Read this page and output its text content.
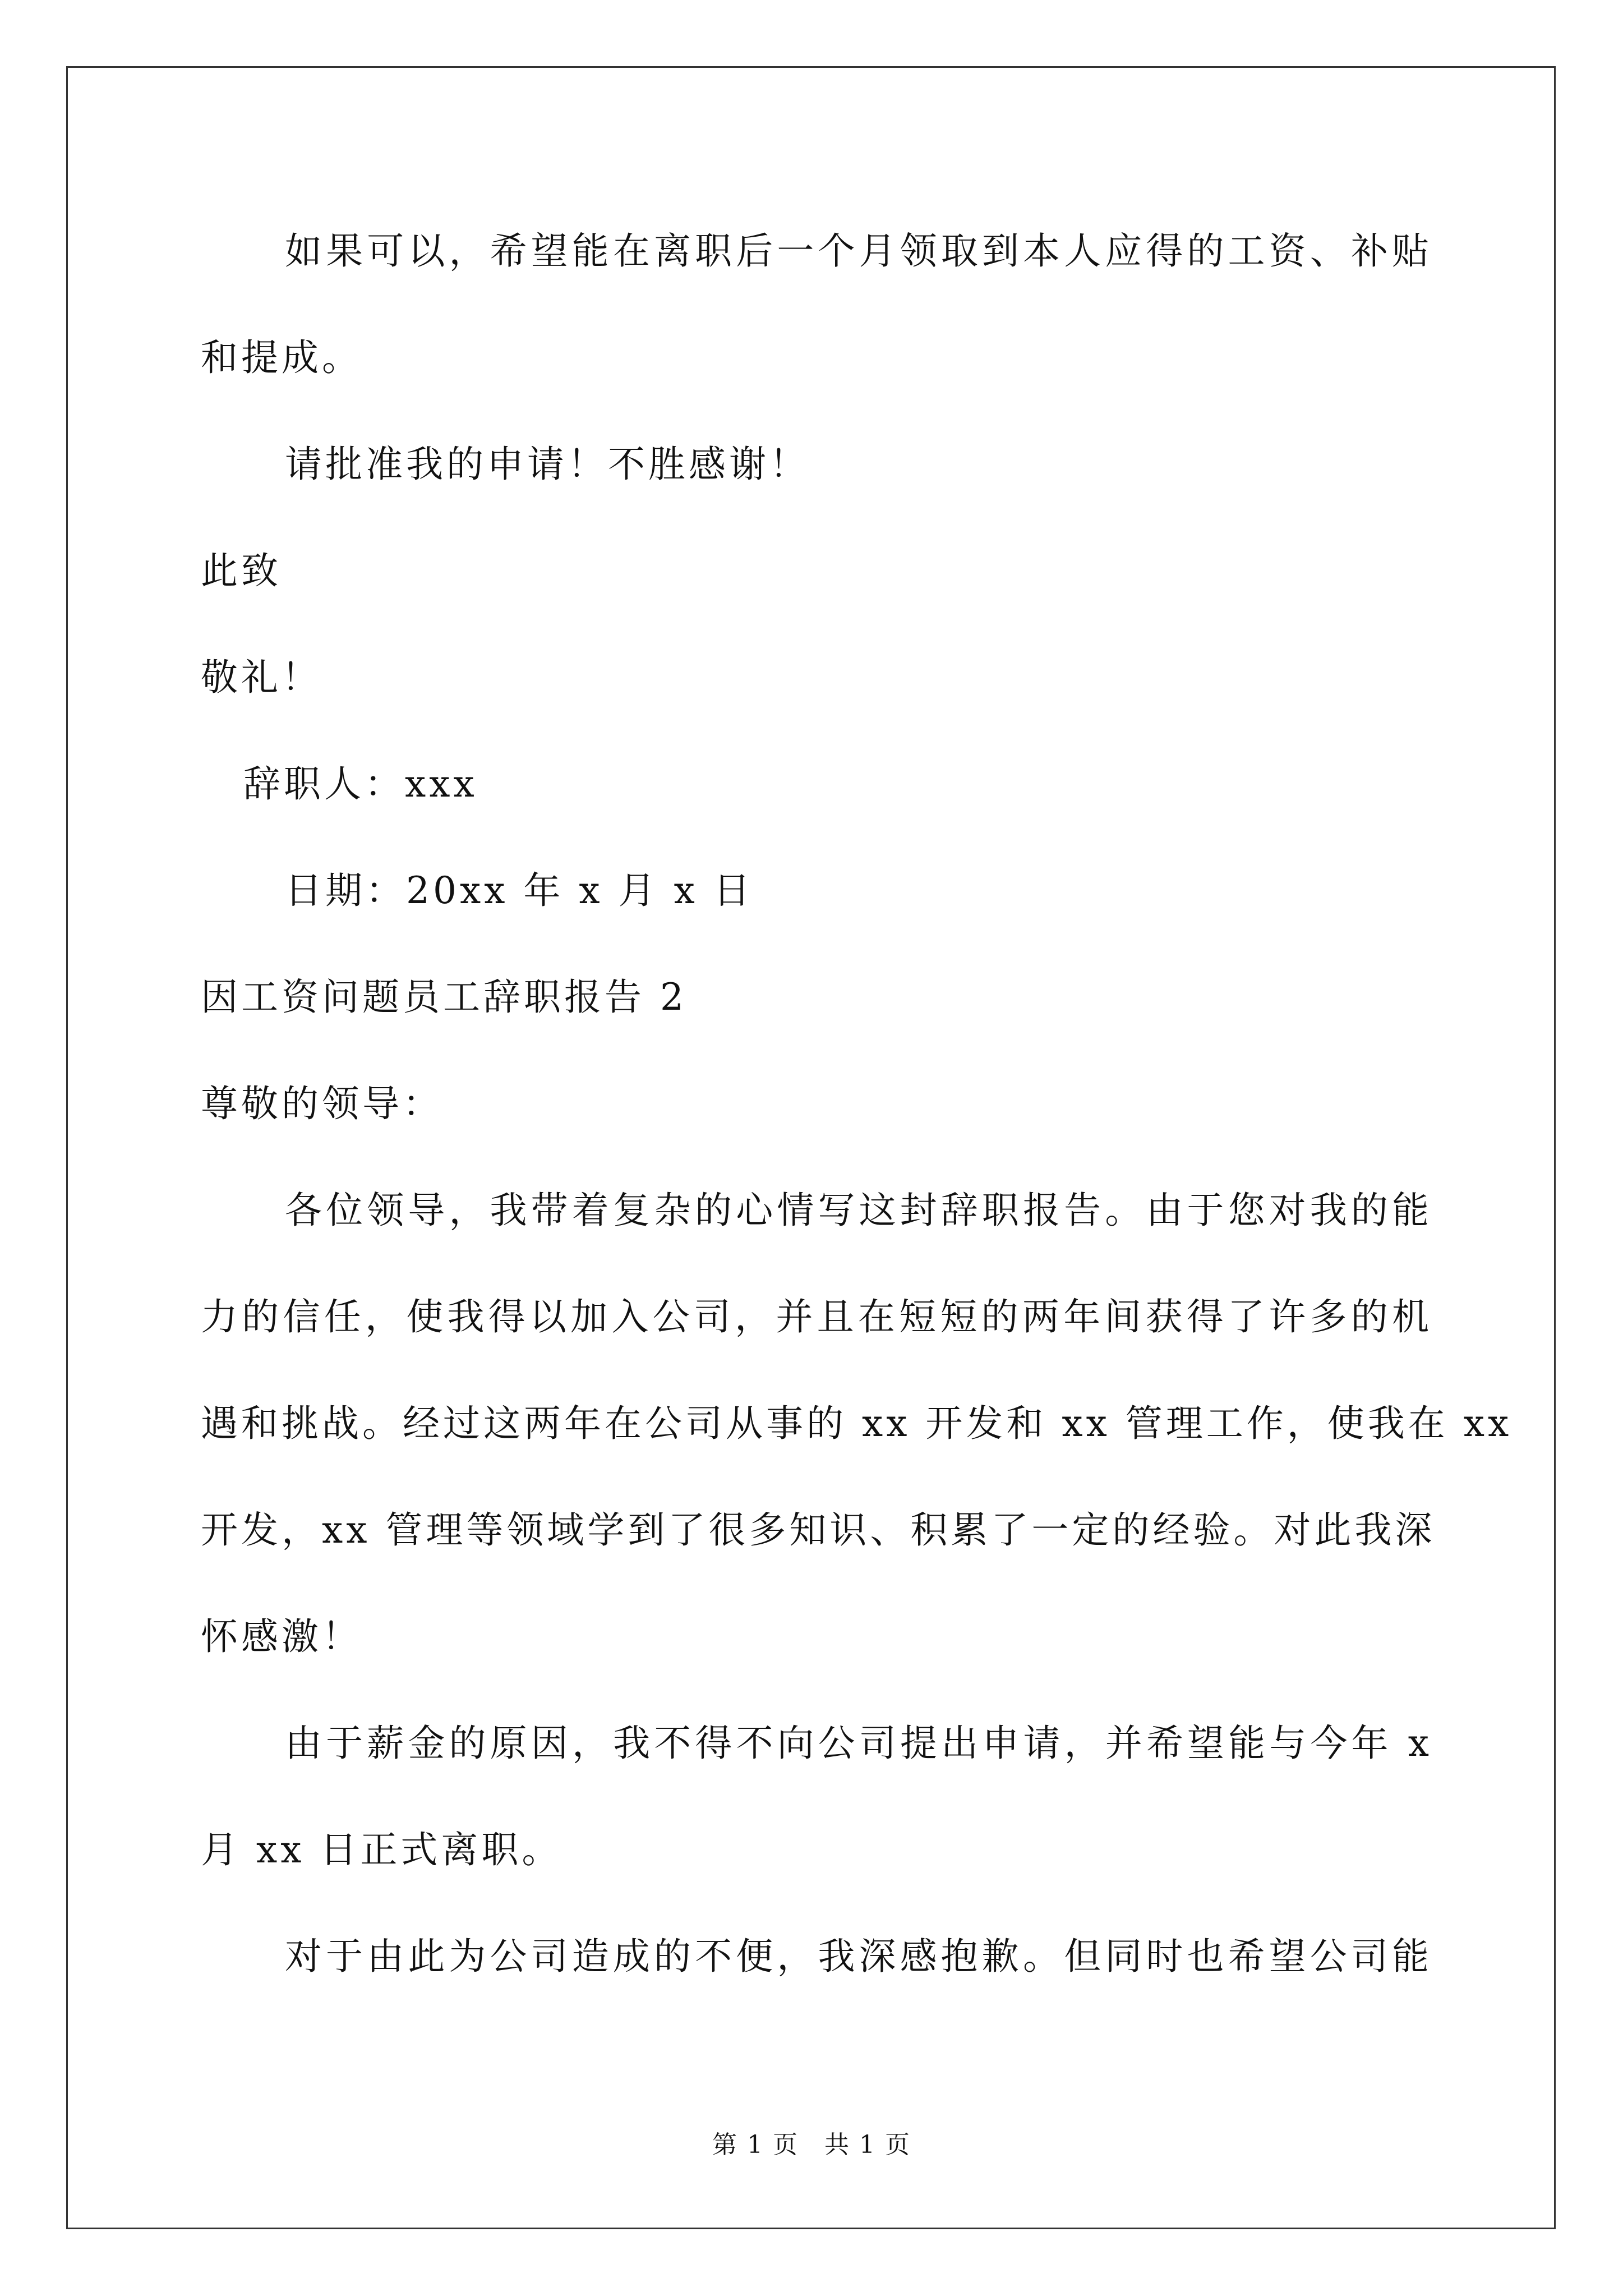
如果可以，希望能在离职后一个月领取到本人应得的工资、补贴

和提成。

请批准我的申请！不胜感谢！

此致

敬礼！

辞职人：xxx

日期：20xx 年 x 月 x 日

因工资问题员工辞职报告 2

尊敬的领导：

各位领导，我带着复杂的心情写这封辞职报告。由于您对我的能

力的信任，使我得以加入公司，并且在短短的两年间获得了许多的机

遇和挑战。经过这两年在公司从事的 xx 开发和 xx 管理工作，使我在 xx

开发，xx 管理等领域学到了很多知识、积累了一定的经验。对此我深

怀感激！

由于薪金的原因，我不得不向公司提出申请，并希望能与今年 x

月 xx 日正式离职。

对于由此为公司造成的不便，我深感抱歉。但同时也希望公司能

第 1 页　共 1 页
